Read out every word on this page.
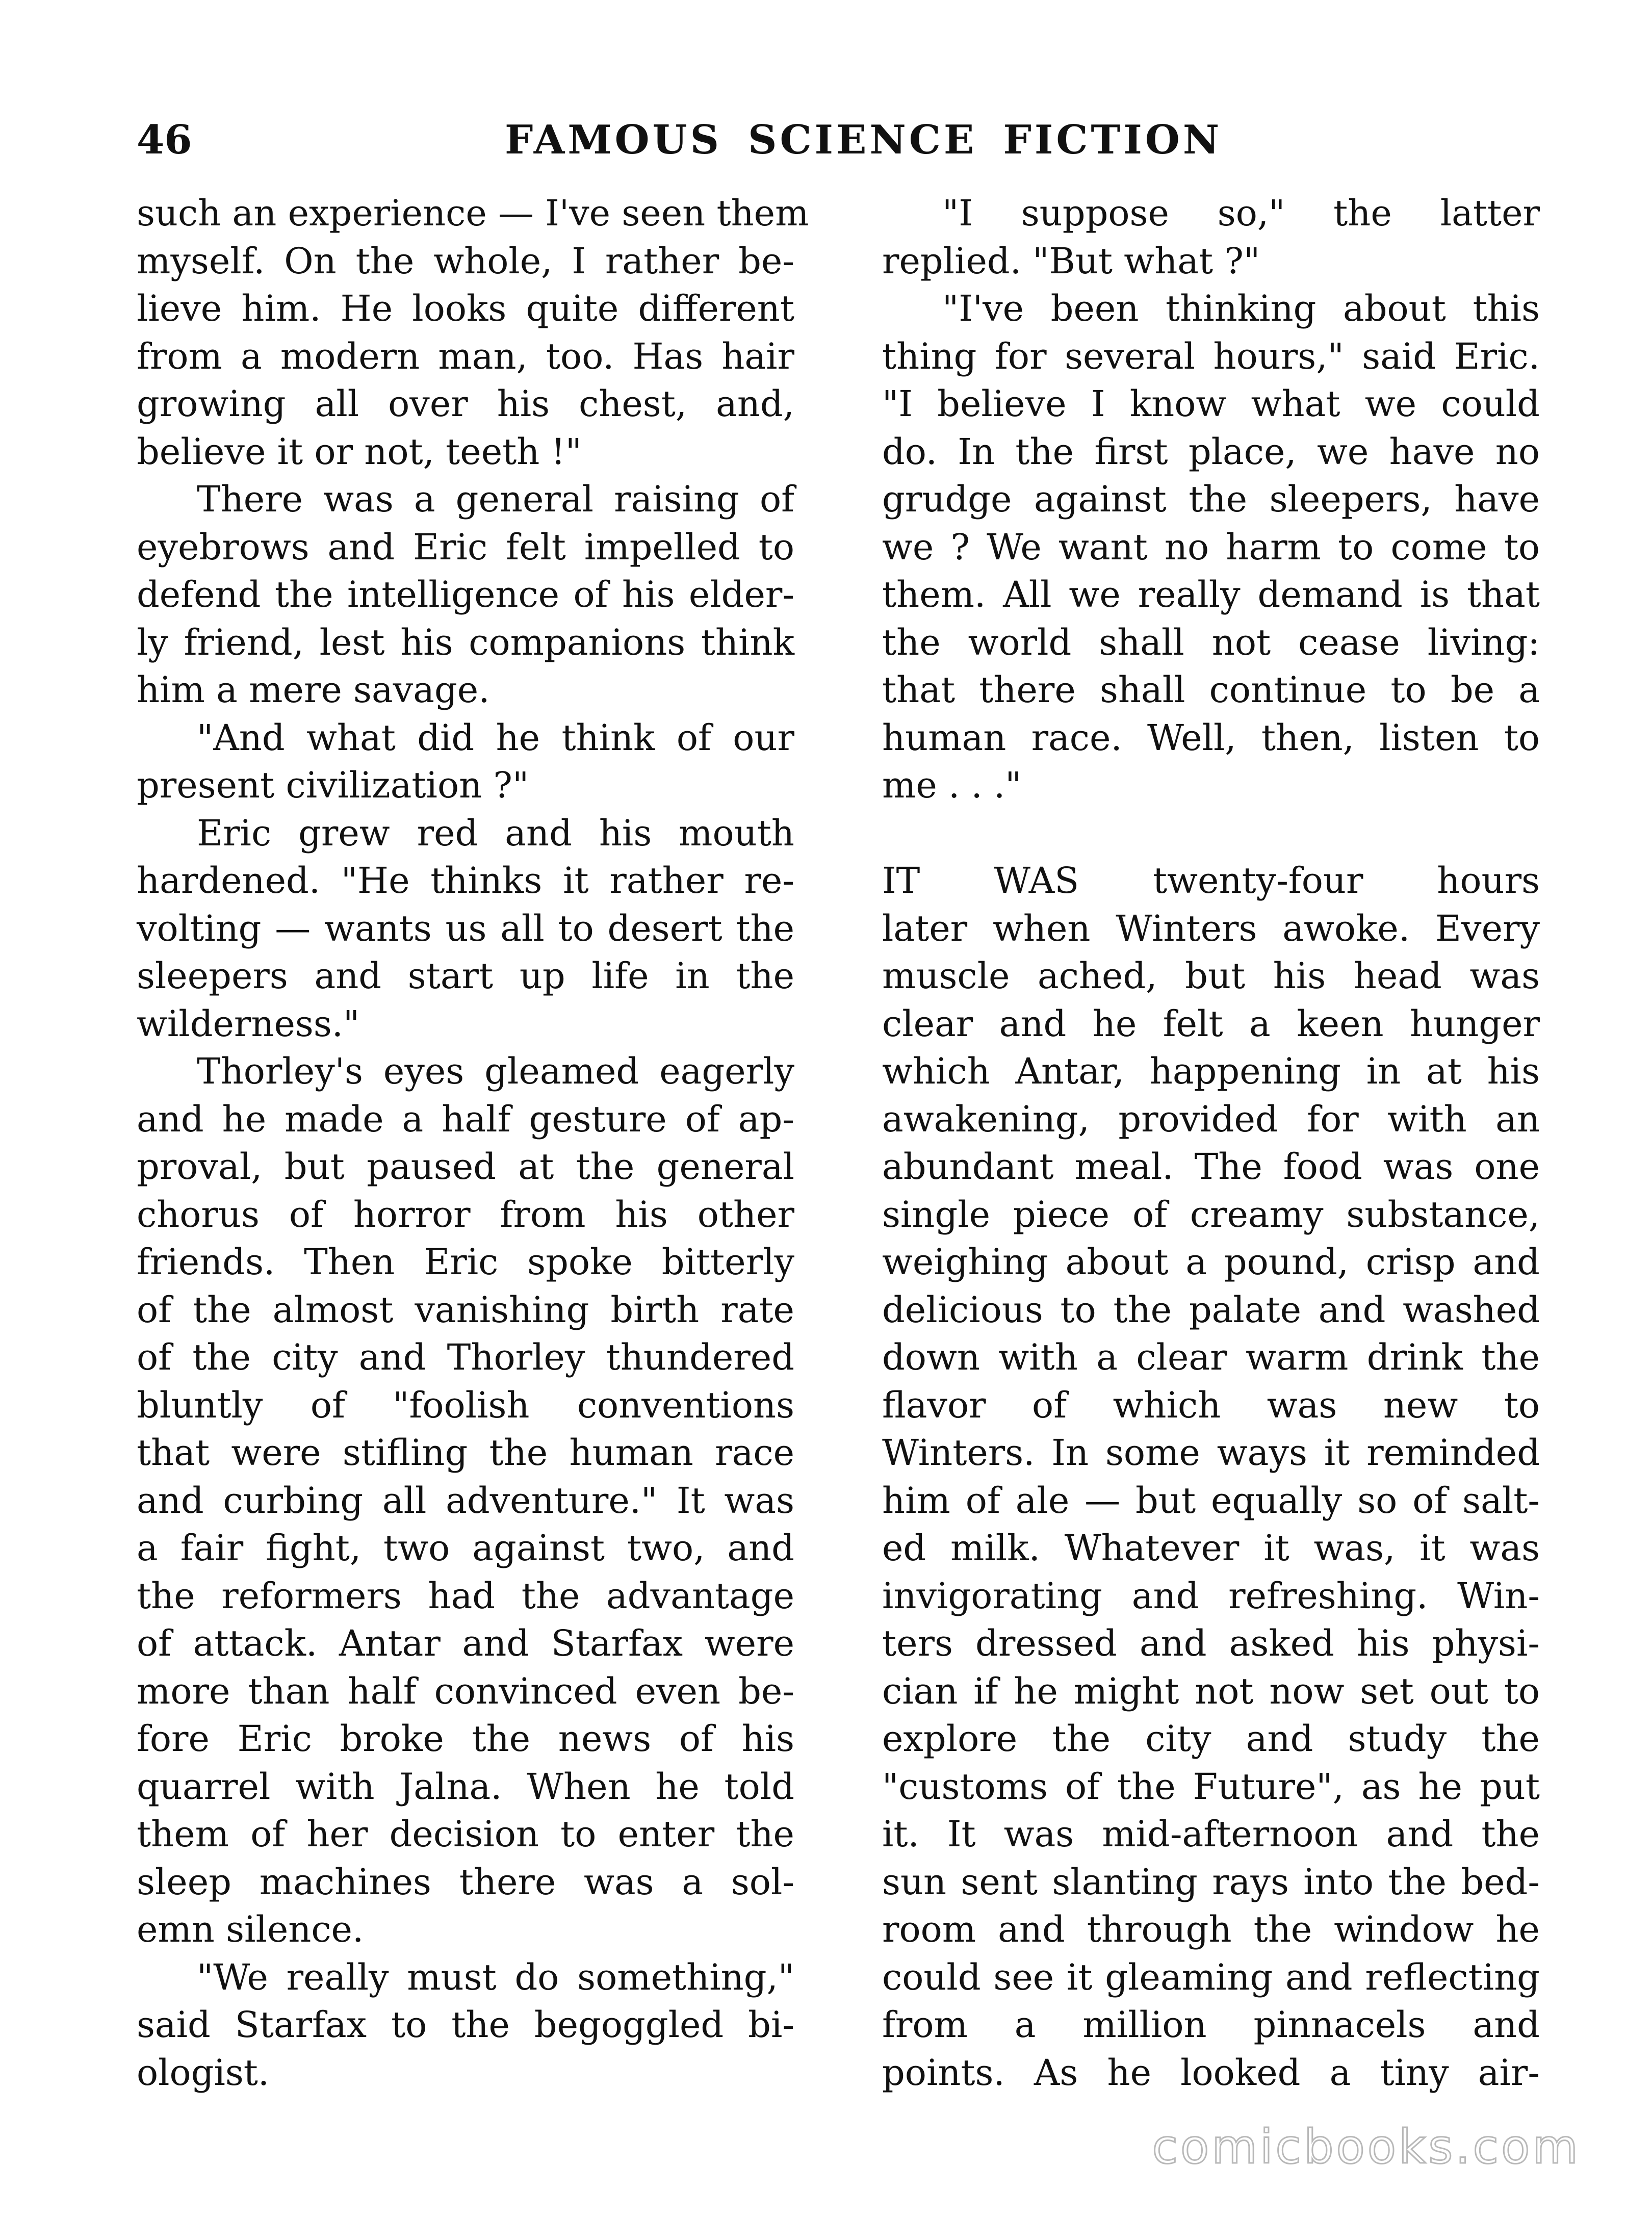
46	FAMOUS SCIENCE FICTION
such an experience — I've seen them
myself. On the whole, I rather be-
lieve him. He looks quite different
from a modern man, too. Has hair
growing all over his chest, and,
believe it or not, teeth !"
There was a general raising of
eyebrows and Eric felt impelled to
defend the intelligence of his elder-
ly friend, lest his companions think
him a mere savage.
"And what did he think of our
present civilization ?"
Eric grew red and his mouth
hardened. "He thinks it rather re-
volting — wants us all to desert the
sleepers and start up life in the
wilderness."
Thorley's eyes gleamed eagerly
and he made a half gesture of ap-
proval, but paused at the general
chorus of horror from his other
friends. Then Eric spoke bitterly
of the almost vanishing birth rate
of the city and Thorley thundered
bluntly of "foolish conventions
that were stifling the human race
and curbing all adventure." It was
a fair fight, two against two, and
the reformers had the advantage
of attack. Antar and Starfax were
more than half convinced even be-
fore Eric broke the news of his
quarrel with Jalna. When he told
them of her decision to enter the
sleep machines there was a sol-
emn silence.
"We really must do something,"
said Starfax to the begoggled bi-
ologist.
"I suppose so," the latter
replied. "But what ?"
"I've been thinking about this
thing for several hours," said Eric.
"I believe I know what we could
do. In the first place, we have no
grudge against the sleepers, have
we ? We want no harm to come to
them. All we really demand is that
the world shall not cease living:
that there shall continue to be a
human race. Well, then, listen to
me . . ."
IT WAS twenty-four hours
later when Winters awoke. Every
muscle ached, but his head was
clear and he felt a keen hunger
which Antar, happening in at his
awakening, provided for with an
abundant meal. The food was one
single piece of creamy substance,
weighing about a pound, crisp and
delicious to the palate and washed
down with a clear warm drink the
flavor of which was new to
Winters. In some ways it reminded
him of ale — but equally so of salt-
ed milk. Whatever it was, it was
invigorating and refreshing. Win-
ters dressed and asked his physi-
cian if he might not now set out to
explore the city and study the
"customs of the Future", as he put
it. It was mid-afternoon and the
sun sent slanting rays into the bed-
room and through the window he
could see it gleaming and reflecting
from a million pinnacels and
points. As he looked a tiny air-
comicbooks.com
